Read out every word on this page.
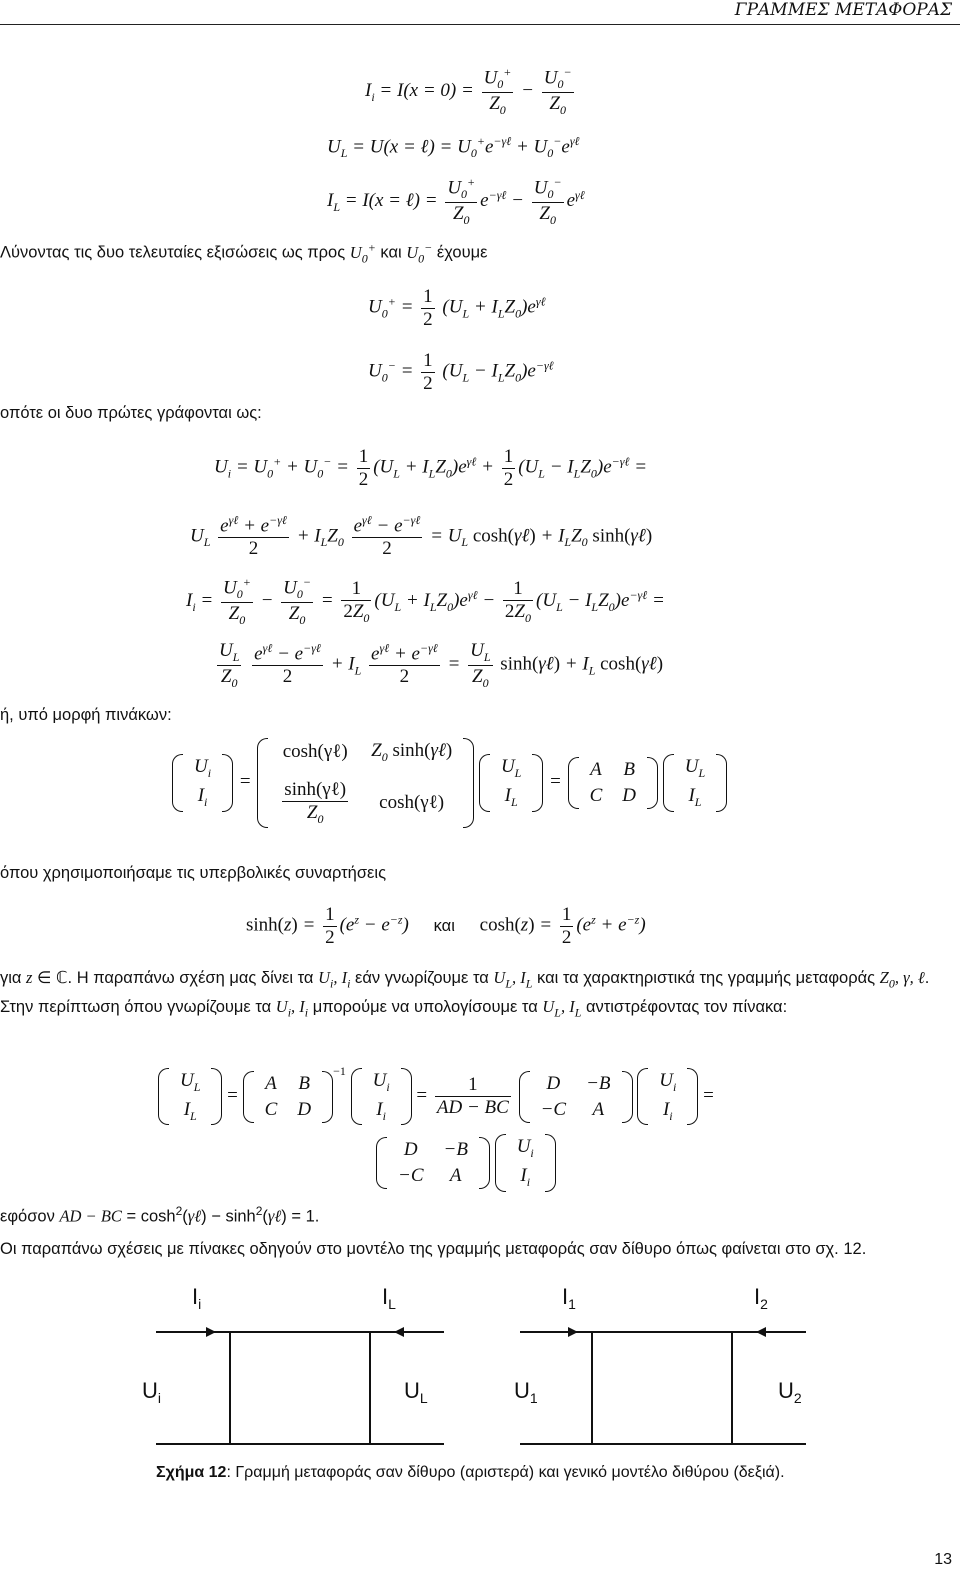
ΓΡΑΜΜΕΣ ΜΕΤΑΦΟΡΑΣ
$I_i = I(x = 0) = \frac{U_0^+}{Z_0} - \frac{U_0^-}{Z_0}$
$U_L = U(x$ = ℓ) = $U_0^+e^{-\gamma\ell} + U_0^-e^{\gamma\ell}$
$I_L = I(x$ = ℓ) = $\frac{U_0^+}{Z_0} e^{-\gamma\ell} - \frac{U_0^-}{Z_0} e^{\gamma\ell}$
Λύνοντας τις δυο τελευταίες εξισώσεις ως προς $U_0^+$ και $U_0^-$ έχουμε
$U_0^+ = \frac{1}{2} (U_L + I_LZ_0)e^{\gamma\ell}$
$U_0^- = \frac{1}{2} (U_L - I_LZ_0)e^{-\gamma\ell}$
οπότε οι δυο πρώτες γράφονται ως:
$U_i = U_0^+ + U_0^- = \frac{1}{2} (U_L + I_LZ_0)e^{\gamma\ell} + \frac{1}{2} (U_L - I_LZ_0)e^{-\gamma\ell}$ =
$U_L \frac{e^{\gamma\ell} + e^{-\gamma\ell}}{2} + I_LZ_0 \frac{e^{\gamma\ell} - e^{-\gamma\ell}}{2} = U_L$ cosh(γℓ) + $I_LZ_0$ sinh(γℓ)
$I_i = \frac{U_0^+}{Z_0} - \frac{U_0^-}{Z_0} = \frac{1}{2Z_0} (U_L + I_LZ_0)e^{\gamma\ell} - \frac{1}{2Z_0} (U_L - I_LZ_0)e^{-\gamma\ell}$ =
$\frac{U_L}{Z_0}$
$\frac{e^{\gamma\ell} - e^{-\gamma\ell}}{2} + I_L \frac{e^{\gamma\ell} + e^{-\gamma\ell}}{2} = \frac{U_L}{Z_0}$ sinh(γℓ) + $I_L$ cosh(γℓ)
ή, υπό μορφή πινάκων:
$U_i$
$I_i$
=
cosh(γℓ)	$Z_0$ sinh(γℓ)

$\frac{\text{sinh(γℓ)}}{Z_0}$	cosh(γℓ)

$U_L$
$I_L$
=
A	B
C	D

$U_L$
$I_L$
όπου χρησιμοποιήσαμε τις υπερβολικές συναρτήσεις
$\sinh(z) = \frac{1}{2} (e^z - e^{-z})$ και $\cosh(z) = \frac{1}{2} (e^z + e^{-z})$
για z ∈ ℂ. Η παραπάνω σχέση μας δίνει τα $U_i$, $I_i$ εάν γνωρίζουμε τα $U_L$, $I_L$ και τα χαρακτηριστικά της γραμμής μεταφοράς $Z_0$, γ, ℓ. Στην περίπτωση όπου γνωρίζουμε τα $U_i$, $I_i$ μπορούμε να υπολογίσουμε τα $U_L$, $I_L$ αντιστρέφοντας τον πίνακα:
$U_L$
$I_L$
=
A	B
C	D
$^{-1}$ $U_i$
$I_i$
= $\frac{1}{AD - BC}$
D	−B
−C	A

$U_i$
$I_i$
=
D	−B
−C	A

$U_i$
$I_i$
εφόσον AD − BC = $\cosh^2(\gamma\ell)$ − $\sinh^2(\gamma\ell) = 1$.
Οι παραπάνω σχέσεις με πίνακες οδηγούν στο μοντέλο της γραμμής μεταφοράς σαν δίθυρο όπως φαίνεται στο σχ. 12.
$I_i$	$I_L$
$U_i$	$U_L$
$I_1$	$I_2$
$U_1$	$U_2$
Σχήμα 12: Γραμμή μεταφοράς σαν δίθυρο (αριστερά) και γενικό μοντέλο διθύρου (δεξιά).
13
